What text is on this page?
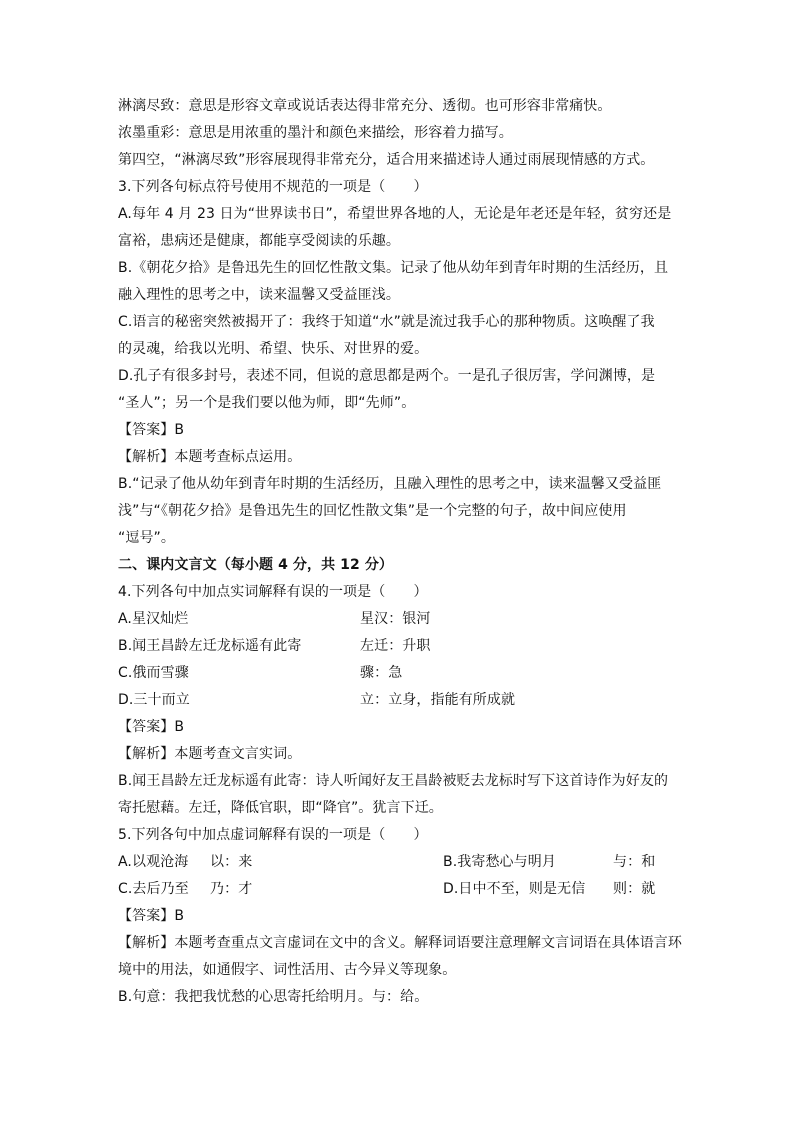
淋漓尽致：意思是形容文章或说话表达得非常充分、透彻。也可形容非常痛快。
浓墨重彩：意思是用浓重的墨汁和颜色来描绘，形容着力描写。
第四空，“淋漓尽致”形容展现得非常充分，适合用来描述诗人通过雨展现情感的方式。
3.下列各句标点符号使用不规范的一项是（　　）
A.每年 4 月 23 日为“世界读书日”，希望世界各地的人，无论是年老还是年轻，贫穷还是
富裕，患病还是健康，都能享受阅读的乐趣。
B.《朝花夕拾》是鲁迅先生的回忆性散文集。记录了他从幼年到青年时期的生活经历，且
融入理性的思考之中，读来温馨又受益匪浅。
C.语言的秘密突然被揭开了：我终于知道“水”就是流过我手心的那种物质。这唤醒了我
的灵魂，给我以光明、希望、快乐、对世界的爱。
D.孔子有很多封号，表述不同，但说的意思都是两个。一是孔子很厉害，学问渊博，是
“圣人”；另一个是我们要以他为师，即“先师”。
【答案】B
【解析】本题考查标点运用。
B.“记录了他从幼年到青年时期的生活经历，且融入理性的思考之中，读来温馨又受益匪
浅”与“《朝花夕拾》是鲁迅先生的回忆性散文集”是一个完整的句子，故中间应使用
“逗号”。
二、课内文言文（每小题 4 分，共 12 分）
4.下列各句中加点实词解释有误的一项是（　　）
A.星汉灿烂	星汉：银河
B.闻王昌龄左迁龙标遥有此寄	左迁：升职
C.俄而雪骤	骤：急
D.三十而立	立：立身，指能有所成就
【答案】B
【解析】本题考查文言实词。
B.闻王昌龄左迁龙标遥有此寄：诗人听闻好友王昌龄被贬去龙标时写下这首诗作为好友的
寄托慰藉。左迁，降低官职，即“降官”。犹言下迁。
5.下列各句中加点虚词解释有误的一项是（　　）
A.以观沧海 以：来	B.我寄愁心与明月	与：和
C.去后乃至 乃：才	D.日中不至，则是无信 则：就
【答案】B
【解析】本题考查重点文言虚词在文中的含义。解释词语要注意理解文言词语在具体语言环
境中的用法，如通假字、词性活用、古今异义等现象。
B.句意：我把我忧愁的心思寄托给明月。与：给。
